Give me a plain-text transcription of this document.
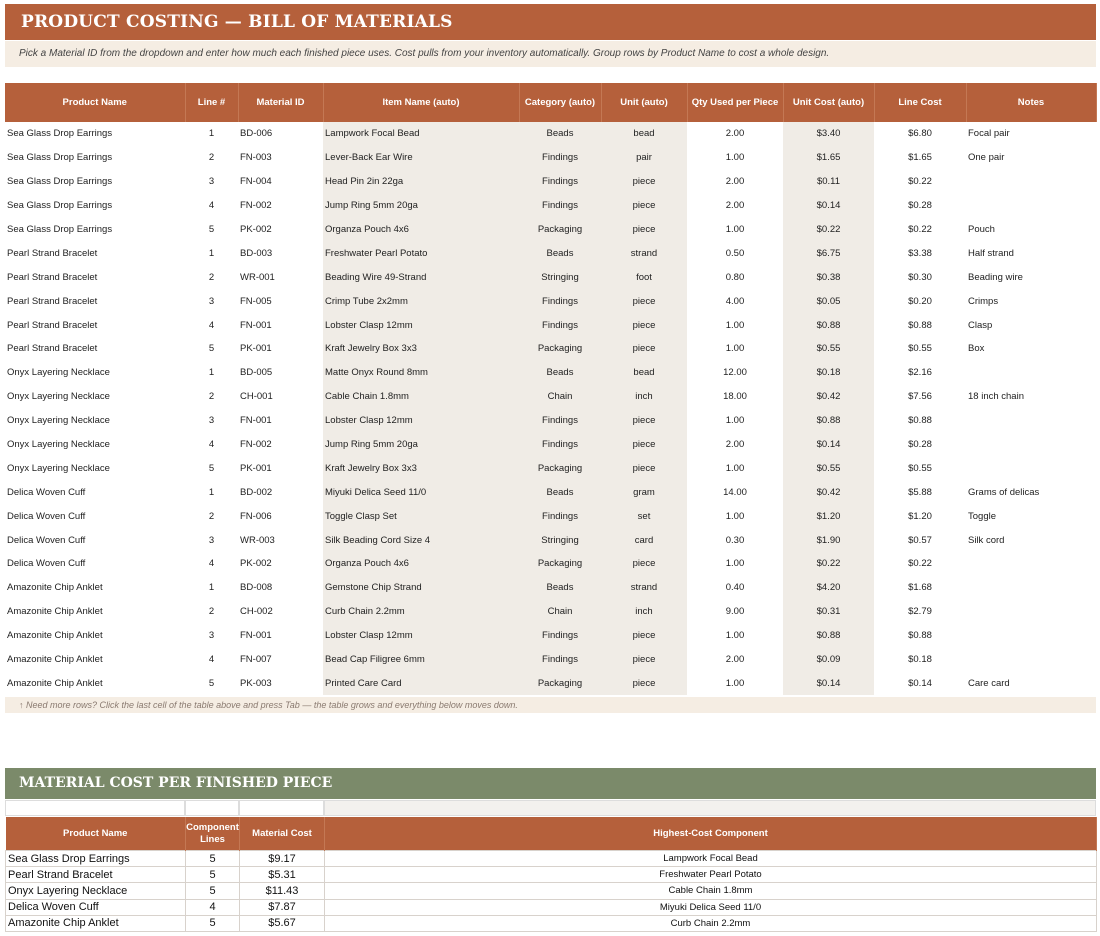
PRODUCT COSTING — BILL OF MATERIALS
Pick a Material ID from the dropdown and enter how much each finished piece uses. Cost pulls from your inventory automatically. Group rows by Product Name to cost a whole design.
Product Name	Line #	Material ID	Item Name (auto)	Category (auto)	Unit (auto)	Qty Used per Piece	Unit Cost (auto)	Line Cost	Notes
Sea Glass Drop Earrings	1	BD-006	Lampwork Focal Bead	Beads	bead	2.00	$3.40	$6.80	Focal pair
Sea Glass Drop Earrings	2	FN-003	Lever-Back Ear Wire	Findings	pair	1.00	$1.65	$1.65	One pair
Sea Glass Drop Earrings	3	FN-004	Head Pin 2in 22ga	Findings	piece	2.00	$0.11	$0.22	
Sea Glass Drop Earrings	4	FN-002	Jump Ring 5mm 20ga	Findings	piece	2.00	$0.14	$0.28	
Sea Glass Drop Earrings	5	PK-002	Organza Pouch 4x6	Packaging	piece	1.00	$0.22	$0.22	Pouch
Pearl Strand Bracelet	1	BD-003	Freshwater Pearl Potato	Beads	strand	0.50	$6.75	$3.38	Half strand
Pearl Strand Bracelet	2	WR-001	Beading Wire 49-Strand	Stringing	foot	0.80	$0.38	$0.30	Beading wire
Pearl Strand Bracelet	3	FN-005	Crimp Tube 2x2mm	Findings	piece	4.00	$0.05	$0.20	Crimps
Pearl Strand Bracelet	4	FN-001	Lobster Clasp 12mm	Findings	piece	1.00	$0.88	$0.88	Clasp
Pearl Strand Bracelet	5	PK-001	Kraft Jewelry Box 3x3	Packaging	piece	1.00	$0.55	$0.55	Box
Onyx Layering Necklace	1	BD-005	Matte Onyx Round 8mm	Beads	bead	12.00	$0.18	$2.16	
Onyx Layering Necklace	2	CH-001	Cable Chain 1.8mm	Chain	inch	18.00	$0.42	$7.56	18 inch chain
Onyx Layering Necklace	3	FN-001	Lobster Clasp 12mm	Findings	piece	1.00	$0.88	$0.88	
Onyx Layering Necklace	4	FN-002	Jump Ring 5mm 20ga	Findings	piece	2.00	$0.14	$0.28	
Onyx Layering Necklace	5	PK-001	Kraft Jewelry Box 3x3	Packaging	piece	1.00	$0.55	$0.55	
Delica Woven Cuff	1	BD-002	Miyuki Delica Seed 11/0	Beads	gram	14.00	$0.42	$5.88	Grams of delicas
Delica Woven Cuff	2	FN-006	Toggle Clasp Set	Findings	set	1.00	$1.20	$1.20	Toggle
Delica Woven Cuff	3	WR-003	Silk Beading Cord Size 4	Stringing	card	0.30	$1.90	$0.57	Silk cord
Delica Woven Cuff	4	PK-002	Organza Pouch 4x6	Packaging	piece	1.00	$0.22	$0.22	
Amazonite Chip Anklet	1	BD-008	Gemstone Chip Strand	Beads	strand	0.40	$4.20	$1.68	
Amazonite Chip Anklet	2	CH-002	Curb Chain 2.2mm	Chain	inch	9.00	$0.31	$2.79	
Amazonite Chip Anklet	3	FN-001	Lobster Clasp 12mm	Findings	piece	1.00	$0.88	$0.88	
Amazonite Chip Anklet	4	FN-007	Bead Cap Filigree 6mm	Findings	piece	2.00	$0.09	$0.18	
Amazonite Chip Anklet	5	PK-003	Printed Care Card	Packaging	piece	1.00	$0.14	$0.14	Care card
↑ Need more rows? Click the last cell of the table above and press Tab — the table grows and everything below moves down.
MATERIAL COST PER FINISHED PIECE
Product Name	Component Lines	Material Cost	Highest-Cost Component
Sea Glass Drop Earrings	5	$9.17	Lampwork Focal Bead
Pearl Strand Bracelet	5	$5.31	Freshwater Pearl Potato
Onyx Layering Necklace	5	$11.43	Cable Chain 1.8mm
Delica Woven Cuff	4	$7.87	Miyuki Delica Seed 11/0
Amazonite Chip Anklet	5	$5.67	Curb Chain 2.2mm
